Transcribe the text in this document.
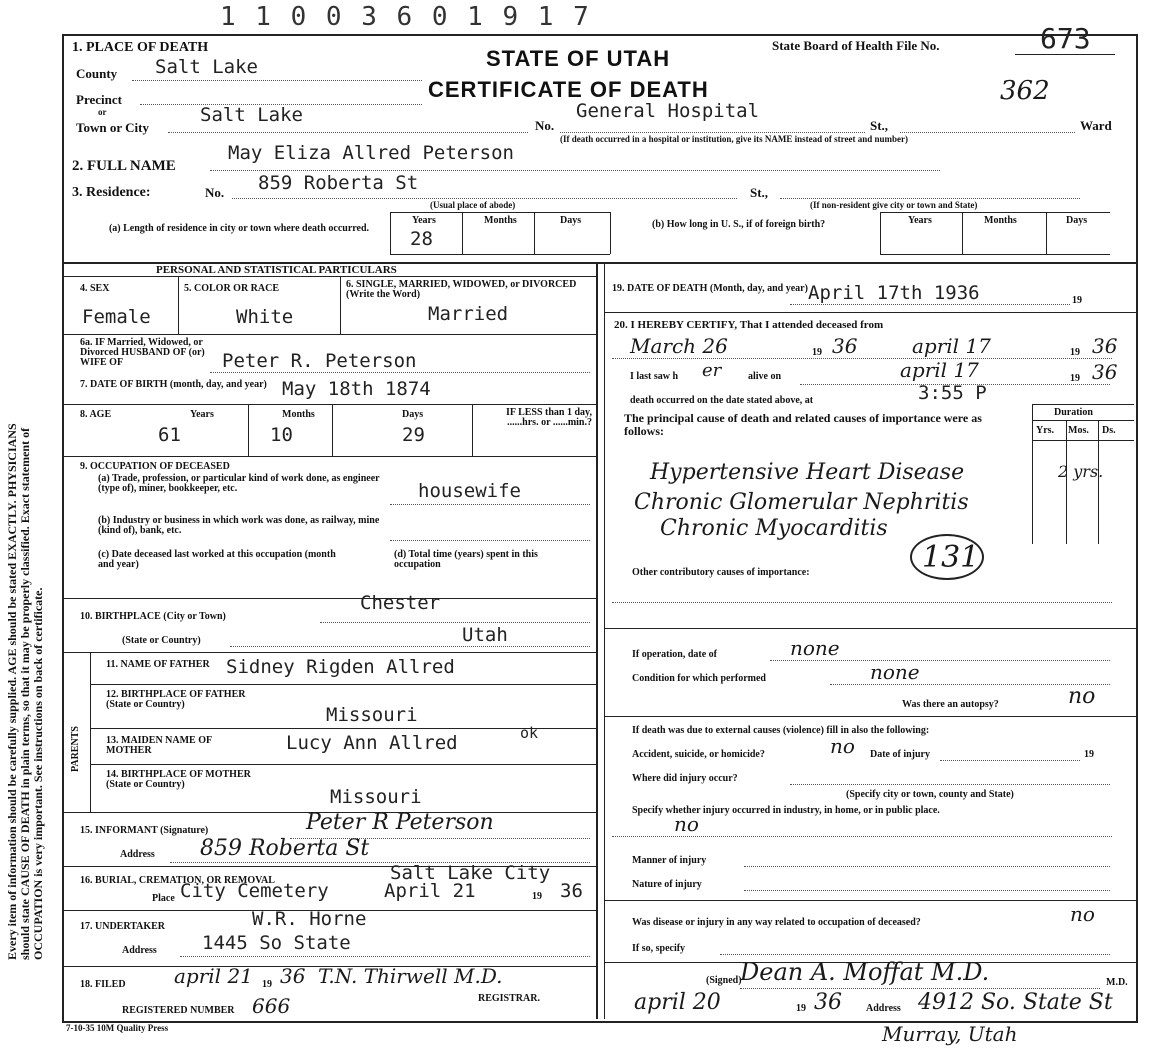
Every item of information should be carefully supplied. AGE should be stated EXACTLY. PHYSICIANS should state CAUSE OF DEATH in plain terms, so that it may be properly classified. Exact statement of OCCUPATION is very important. See instructions on back of certificate.
1 1 0 0 3 6 0 1 9 1 7
1. PLACE OF DEATH	STATE OF UTAH
CERTIFICATE OF DEATH
State Board of Health File No.	673
362
County Salt Lake
Precinct
or
Town or City
Salt Lake	No.
General Hospital
St.,	Ward
(If death occurred in a hospital or institution, give its NAME instead of street and number)
2. FULL NAME
May Eliza Allred Peterson
3. Residence:	No. 859 Roberta St	St.,
(Usual place of abode)	(If non-resident give city or town and State)
(a) Length of residence in city or town where death occurred.
Years
28
Months	Days	(b) How long in U. S., if of foreign birth?	Years	Months	Days
PERSONAL AND STATISTICAL PARTICULARS
4. SEX
Female
5. COLOR OR RACE
White
6. SINGLE, MARRIED, WIDOWED, or DIVORCED (Write the Word)
Married
6a. IF Married, Widowed, or Divorced HUSBAND OF (or) WIFE OF	Peter R. Peterson
7. DATE OF BIRTH (month, day, and year) May 18th 1874
8. AGE	Years
61
Months
10
Days
29
IF LESS than 1 day, ......hrs. or ......min.?
9. OCCUPATION OF DECEASED
(a) Trade, profession, or particular kind of work done, as engineer (type of), miner, bookkeeper, etc.	housewife
(b) Industry or business in which work was done, as railway, mine (kind of), bank, etc.
(c) Date deceased last worked at this occupation (month and year)
(d) Total time (years) spent in this occupation
10. BIRTHPLACE (City or Town)
Chester
(State or Country)	Utah
PARENTS
11. NAME OF FATHER Sidney Rigden Allred
12. BIRTHPLACE OF FATHER (State or Country)	Missouri
13. MAIDEN NAME OF MOTHER	Lucy Ann Allred	ok
14. BIRTHPLACE OF MOTHER (State or Country)
Missouri
15. INFORMANT (Signature)	Peter R Peterson
Address 859 Roberta St
16. BURIAL, CREMATION, OR REMOVAL	Salt Lake City
Place City Cemetery	April 21	19 36
17. UNDERTAKER	W.R. Horne
Address 1445 So State
18. FILED april 21 19 36 T.N. Thirwell M.D.
REGISTRAR.
REGISTERED NUMBER 666
19. DATE OF DEATH (Month, day, and year) April 17th 1936	19
20. I HEREBY CERTIFY, That I attended deceased from
March 26	19 36	april 17	19 36
I last saw h er	alive on	april 17	19 36
death occurred on the date stated above, at	3:55 P
The principal cause of death and related causes of importance were as follows:
Duration
Yrs. Mos. Ds.
Hypertensive Heart Disease
Chronic Glomerular Nephritis
Chronic Myocarditis
2 yrs.
131
Other contributory causes of importance:
If operation, date of	none
Condition for which performed	none
Was there an autopsy?	no
If death was due to external causes (violence) fill in also the following:
Accident, suicide, or homicide?	no Date of injury	19
Where did injury occur?
(Specify city or town, county and State)
Specify whether injury occurred in industry, in home, or in public place.
no
Manner of injury
Nature of injury
Was disease or injury in any way related to occupation of deceased?	no
If so, specify
(Signed)
Dean A. Moffat M.D.	M.D.
april 20	19 36 Address 4912 So. State St
Murray, Utah
7-10-35 10M Quality Press
